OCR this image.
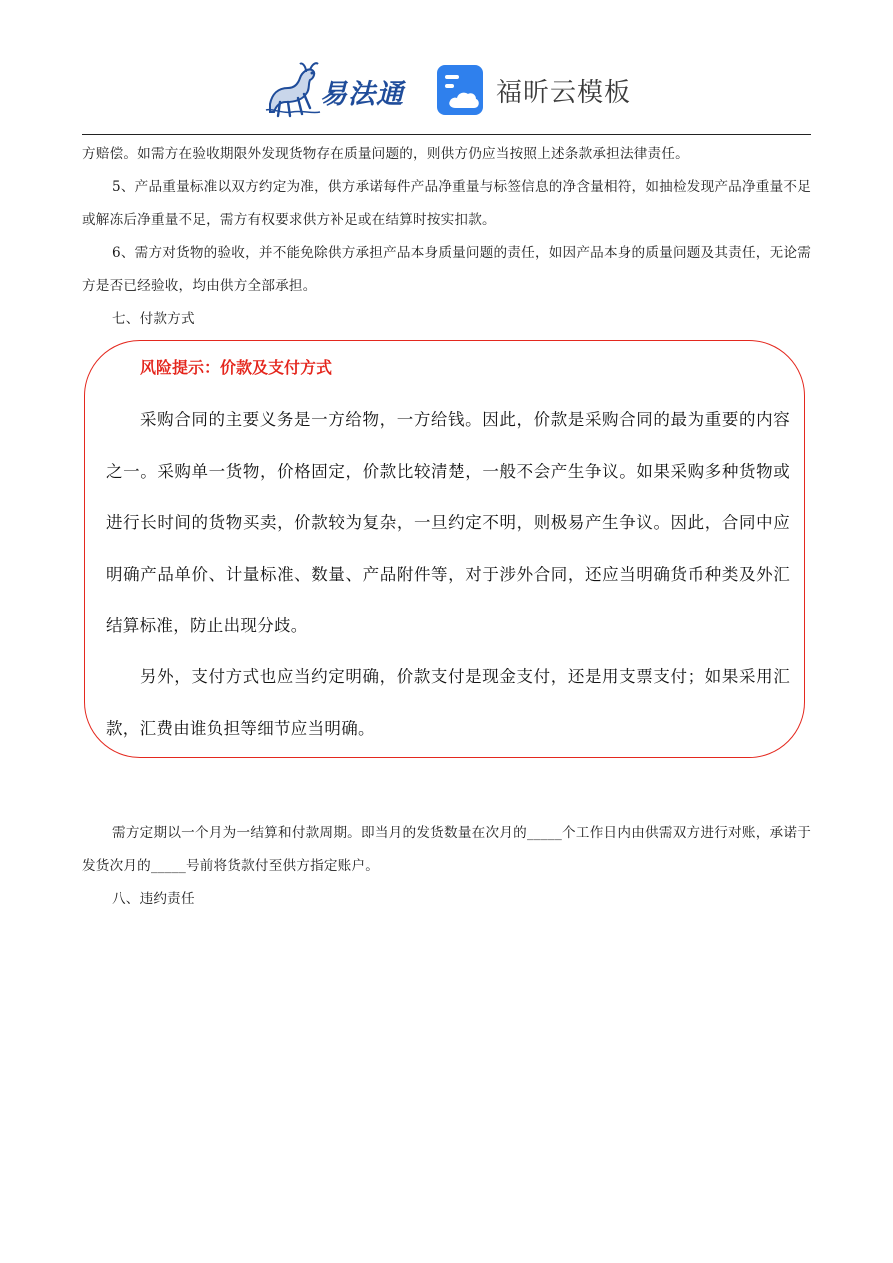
易法通	福昕云模板

方赔偿。如需方在验收期限外发现货物存在质量问题的，则供方仍应当按照上述条款承担法律责任。

5、产品重量标准以双方约定为准，供方承诺每件产品净重量与标签信息的净含量相符，如抽检发现产品净重量不足或解冻后净重量不足，需方有权要求供方补足或在结算时按实扣款。

6、需方对货物的验收，并不能免除供方承担产品本身质量问题的责任，如因产品本身的质量问题及其责任，无论需方是否已经验收，均由供方全部承担。

七、付款方式

风险提示：价款及支付方式

采购合同的主要义务是一方给物，一方给钱。因此，价款是采购合同的最为重要的内容之一。采购单一货物，价格固定，价款比较清楚，一般不会产生争议。如果采购多种货物或进行长时间的货物买卖，价款较为复杂，一旦约定不明，则极易产生争议。因此，合同中应明确产品单价、计量标准、数量、产品附件等，对于涉外合同，还应当明确货币种类及外汇结算标准，防止出现分歧。

另外，支付方式也应当约定明确，价款支付是现金支付，还是用支票支付；如果采用汇款，汇费由谁负担等细节应当明确。

需方定期以一个月为一结算和付款周期。即当月的发货数量在次月的_____个工作日内由供需双方进行对账，承诺于发货次月的_____号前将货款付至供方指定账户。

八、违约责任
